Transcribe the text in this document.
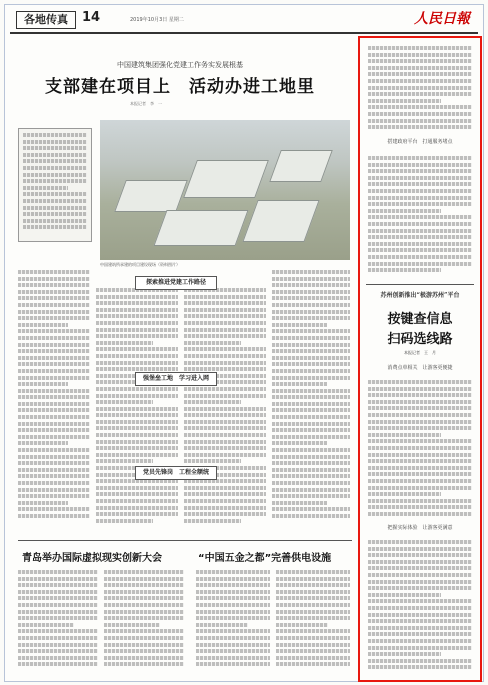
各地传真	14	2019年10月3日 星期二	人民日報
中国建筑集团强化党建工作务实发展根基
支部建在项目上　活动办进工地里
本报记者　李　一
中国建筑所承建的项目建设现场（资料图片）
探索推进党建工作路径
强堡垒工地　学习进入网
党员先锋岗　工程全额统
青岛举办国际虚拟现实创新大会	“中国五金之都”完善供电设施
搭建政府平台　打通服务堵点
苏州创新推出“极游苏州”平台
按键查信息
扫码选线路
本报记者　王　月
消费点单相关　让游客更便捷
把握实际体验　让游客更满意
